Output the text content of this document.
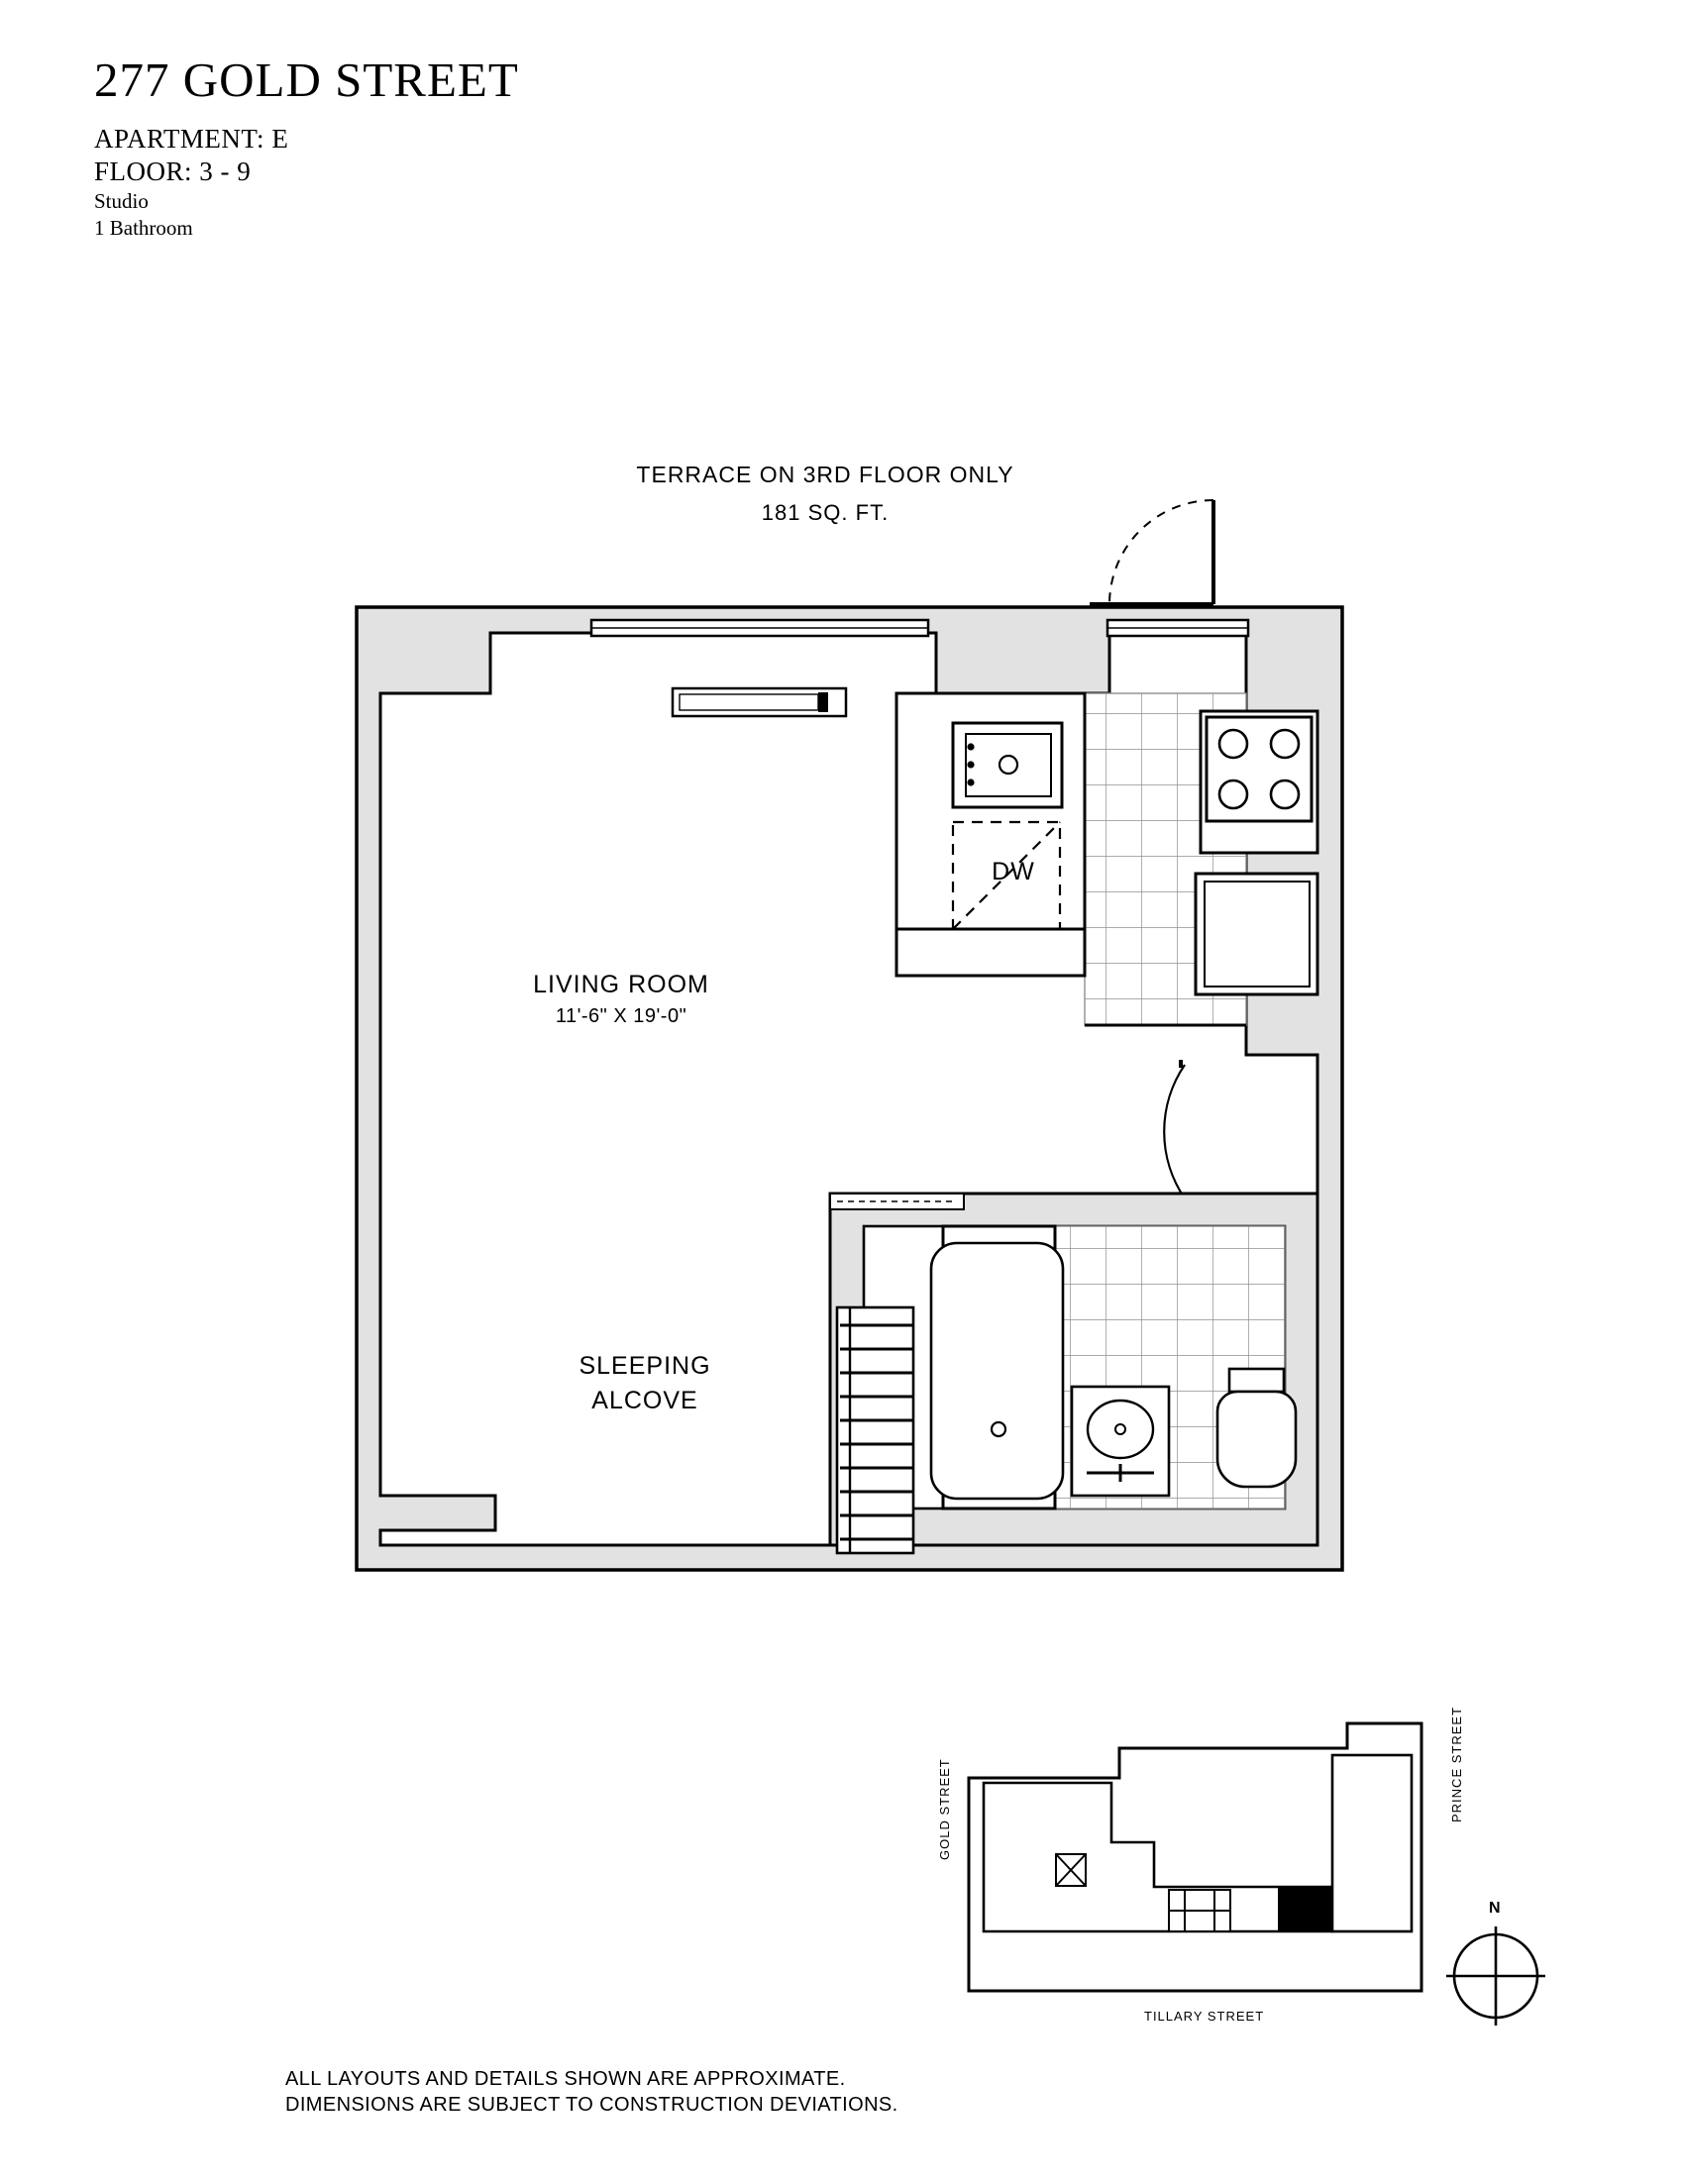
277 GOLD STREET
APARTMENT: E
FLOOR: 3 - 9
Studio
1 Bathroom
TERRACE ON 3RD FLOOR ONLY
181 SQ. FT.
LIVING ROOM
11'-6" X 19'-0"
SLEEPING
ALCOVE
DW
GOLD STREET	PRINCE STREET
TILLARY STREET
N
ALL LAYOUTS AND DETAILS SHOWN ARE APPROXIMATE.
DIMENSIONS ARE SUBJECT TO CONSTRUCTION DEVIATIONS.
